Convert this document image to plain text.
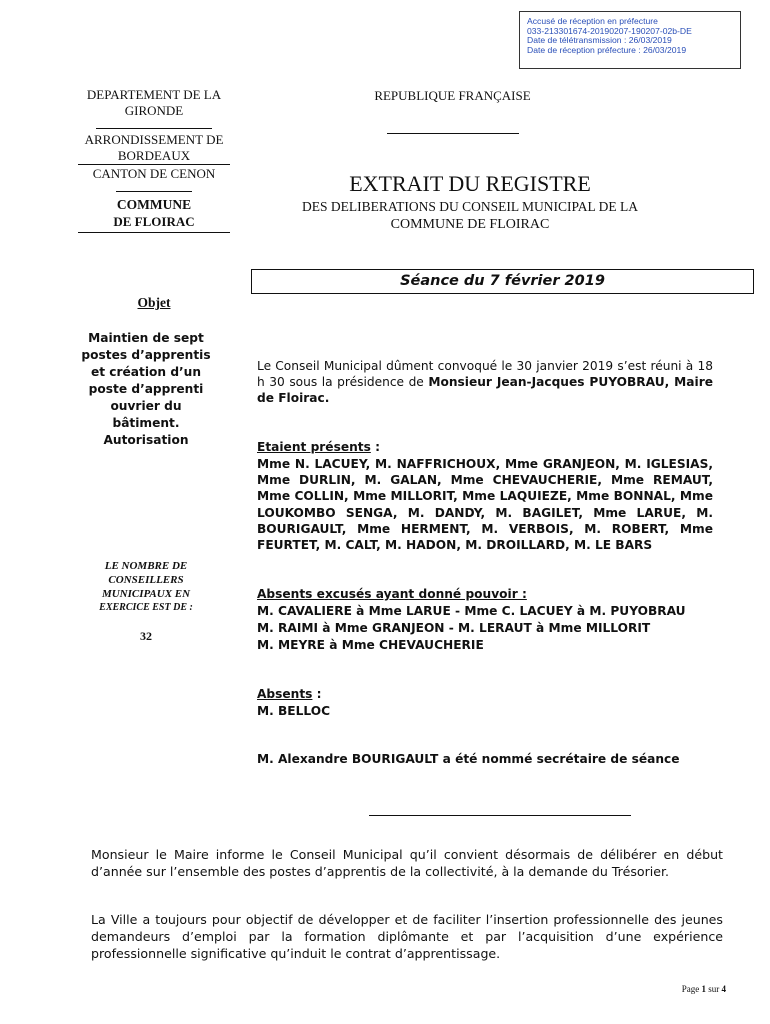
Accusé de réception en préfecture
033-213301674-20190207-190207-02b-DE
Date de télétransmission : 26/03/2019
Date de réception préfecture : 26/03/2019
DEPARTEMENT DE LA GIRONDE
ARRONDISSEMENT DE BORDEAUX
CANTON DE CENON
COMMUNE
DE FLOIRAC
Objet
Maintien de sept postes d’apprentis et création d’un poste d’apprenti ouvrier du bâtiment. Autorisation
LE NOMBRE DE
CONSEILLERS
MUNICIPAUX EN
EXERCICE EST DE :
32
REPUBLIQUE FRANÇAISE
EXTRAIT DU REGISTRE
DES DELIBERATIONS DU CONSEIL MUNICIPAL DE LA
COMMUNE DE FLOIRAC
Séance du 7 février 2019
Le Conseil Municipal dûment convoqué le 30 janvier 2019 s’est réuni à 18 h 30 sous la présidence de Monsieur Jean-Jacques PUYOBRAU, Maire de Floirac.
Etaient présents :
Mme N. LACUEY, M. NAFFRICHOUX, Mme GRANJEON, M. IGLESIAS, Mme DURLIN, M. GALAN, Mme CHEVAUCHERIE, Mme REMAUT, Mme COLLIN, Mme MILLORIT, Mme LAQUIEZE, Mme BONNAL, Mme LOUKOMBO SENGA, M. DANDY, M. BAGILET, Mme LARUE, M. BOURIGAULT, Mme HERMENT, M. VERBOIS, M. ROBERT, Mme FEURTET, M. CALT, M. HADON, M. DROILLARD, M. LE BARS
Absents excusés ayant donné pouvoir :
M. CAVALIERE à Mme LARUE - Mme C. LACUEY à M. PUYOBRAU
M. RAIMI à Mme GRANJEON - M. LERAUT à Mme MILLORIT
M. MEYRE à Mme CHEVAUCHERIE
Absents :
M. BELLOC
M. Alexandre BOURIGAULT a été nommé secrétaire de séance
Monsieur le Maire informe le Conseil Municipal qu’il convient désormais de délibérer en début d’année sur l’ensemble des postes d’apprentis de la collectivité, à la demande du Trésorier.
La Ville a toujours pour objectif de développer et de faciliter l’insertion professionnelle des jeunes demandeurs d’emploi par la formation diplômante et par l’acquisition d’une expérience professionnelle significative qu’induit le contrat d’apprentissage.
Page 1 sur 4
